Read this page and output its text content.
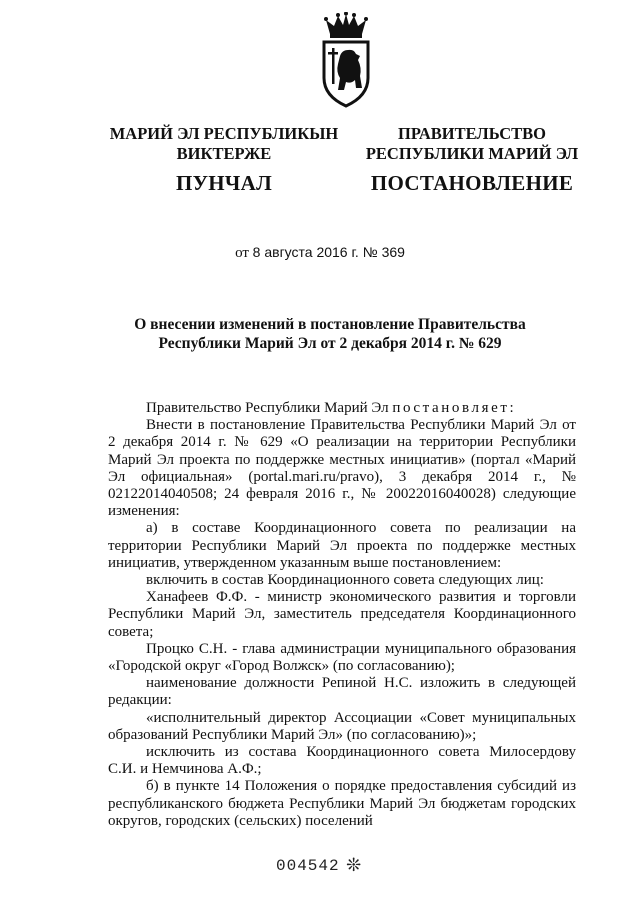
МАРИЙ ЭЛ РЕСПУБЛИКЫН
ВИКТЕРЖЕ
ПУНЧАЛ
ПРАВИТЕЛЬСТВО
РЕСПУБЛИКИ МАРИЙ ЭЛ
ПОСТАНОВЛЕНИЕ
от 8 августа 2016 г. № 369
О внесении изменений в постановление Правительства
Республики Марий Эл от 2 декабря 2014 г. № 629

Правительство Республики Марий Эл постановляет:

Внести в постановление Правительства Республики Марий Эл от 2 декабря 2014 г. № 629 «О реализации на территории Республики Марий Эл проекта по поддержке местных инициатив» (портал «Марий Эл официальная» (portal.mari.ru/pravo), 3 декабря 2014 г., № 02122014040508; 24 февраля 2016 г., № 20022016040028) следующие изменения:

а) в составе Координационного совета по реализации на территории Республики Марий Эл проекта по поддержке местных инициатив, утвержденном указанным выше постановлением:

включить в состав Координационного совета следующих лиц:

Ханафеев Ф.Ф. - министр экономического развития и торговли Республики Марий Эл, заместитель председателя Координационного совета;

Процко С.Н. - глава администрации муниципального образования «Городской округ «Город Волжск» (по согласованию);

наименование должности Репиной Н.С. изложить в следующей редакции:

«исполнительный директор Ассоциации «Совет муниципальных образований Республики Марий Эл» (по согласованию)»;

исключить из состава Координационного совета Милосердову С.И. и Немчинова А.Ф.;

б) в пункте 14 Положения о порядке предоставления субсидий из республиканского бюджета Республики Марий Эл бюджетам городских округов, городских (сельских) поселений

004542 ❊
